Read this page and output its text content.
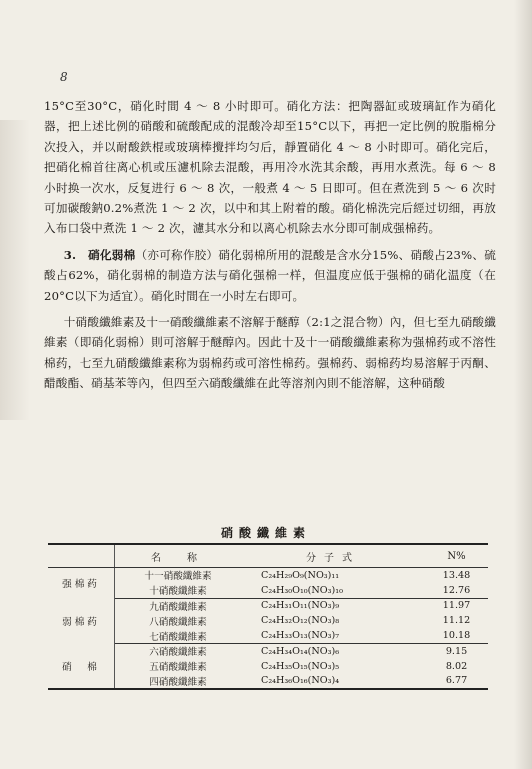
8

15°C至30°C，硝化时間 4 ～ 8 小时即可。硝化方法：把陶器缸或玻璃缸作为硝化器，把上述比例的硝酸和硫酸配成的混酸冷却至15°C以下，再把一定比例的脫脂棉分次投入，并以耐酸鉄棍或玻璃棒攪拌均匀后，靜置硝化 4 ～ 8 小时即可。硝化完后，把硝化棉首往离心机或压濾机除去混酸，再用冷水洗其余酸，再用水煮洗。每 6 ～ 8 小时换一次水，反复进行 6 ～ 8 次，一般煮 4 ～ 5 日即可。但在煮洗到 5 ～ 6 次时可加碳酸鈉0.2%煮洗 1 ～ 2 次，以中和其上附着的酸。硝化棉洗完后經过切细，再放入布口袋中煮洗 1 ～ 2 次，濾其水分和以离心机除去水分即可制成强棉药。

3.　 硝化弱棉（亦可称作胶）硝化弱棉所用的混酸是含水分15%、硝酸占23%、硫酸占62%，硝化弱棉的制造方法与硝化强棉一样，但温度应低于强棉的硝化温度（在20°C以下为适宜）。硝化时間在一小时左右即可。

十硝酸纖維素及十一硝酸纖維素不溶解于醚醇（2:1之混合物）內，但七至九硝酸纖維素（即硝化弱棉）則可溶解于醚醇內。因此十及十一硝酸纖維素称为强棉药或不溶性棉药，七至九硝酸纖維素称为弱棉药或可溶性棉药。强棉药、弱棉药均易溶解于丙酮、醋酸酯、硝基苯等內，但四至六硝酸纖維在此等溶剂內則不能溶解，这种硝酸

硝酸纖維素
	名　称	分子式	N%
强棉药	十一硝酸纖維素	C₂₄H₂₉O₉(NO₃)₁₁	13.48
	十硝酸纖維素	C₂₄H₃₀O₁₀(NO₃)₁₀	12.76
弱棉药	九硝酸纖維素	C₂₄H₃₁O₁₁(NO₃)₉	11.97
	八硝酸纖維素	C₂₄H₃₂O₁₂(NO₃)₈	11.12
	七硝酸纖維素	C₂₄H₃₃O₁₃(NO₃)₇	10.18
硝　棉	六硝酸纖維素	C₂₄H₃₄O₁₄(NO₃)₆	9.15
	五硝酸纖維素	C₂₄H₃₅O₁₅(NO₃)₅	8.02
	四硝酸纖維素	C₂₄H₃₆O₁₆(NO₃)₄	6.77
